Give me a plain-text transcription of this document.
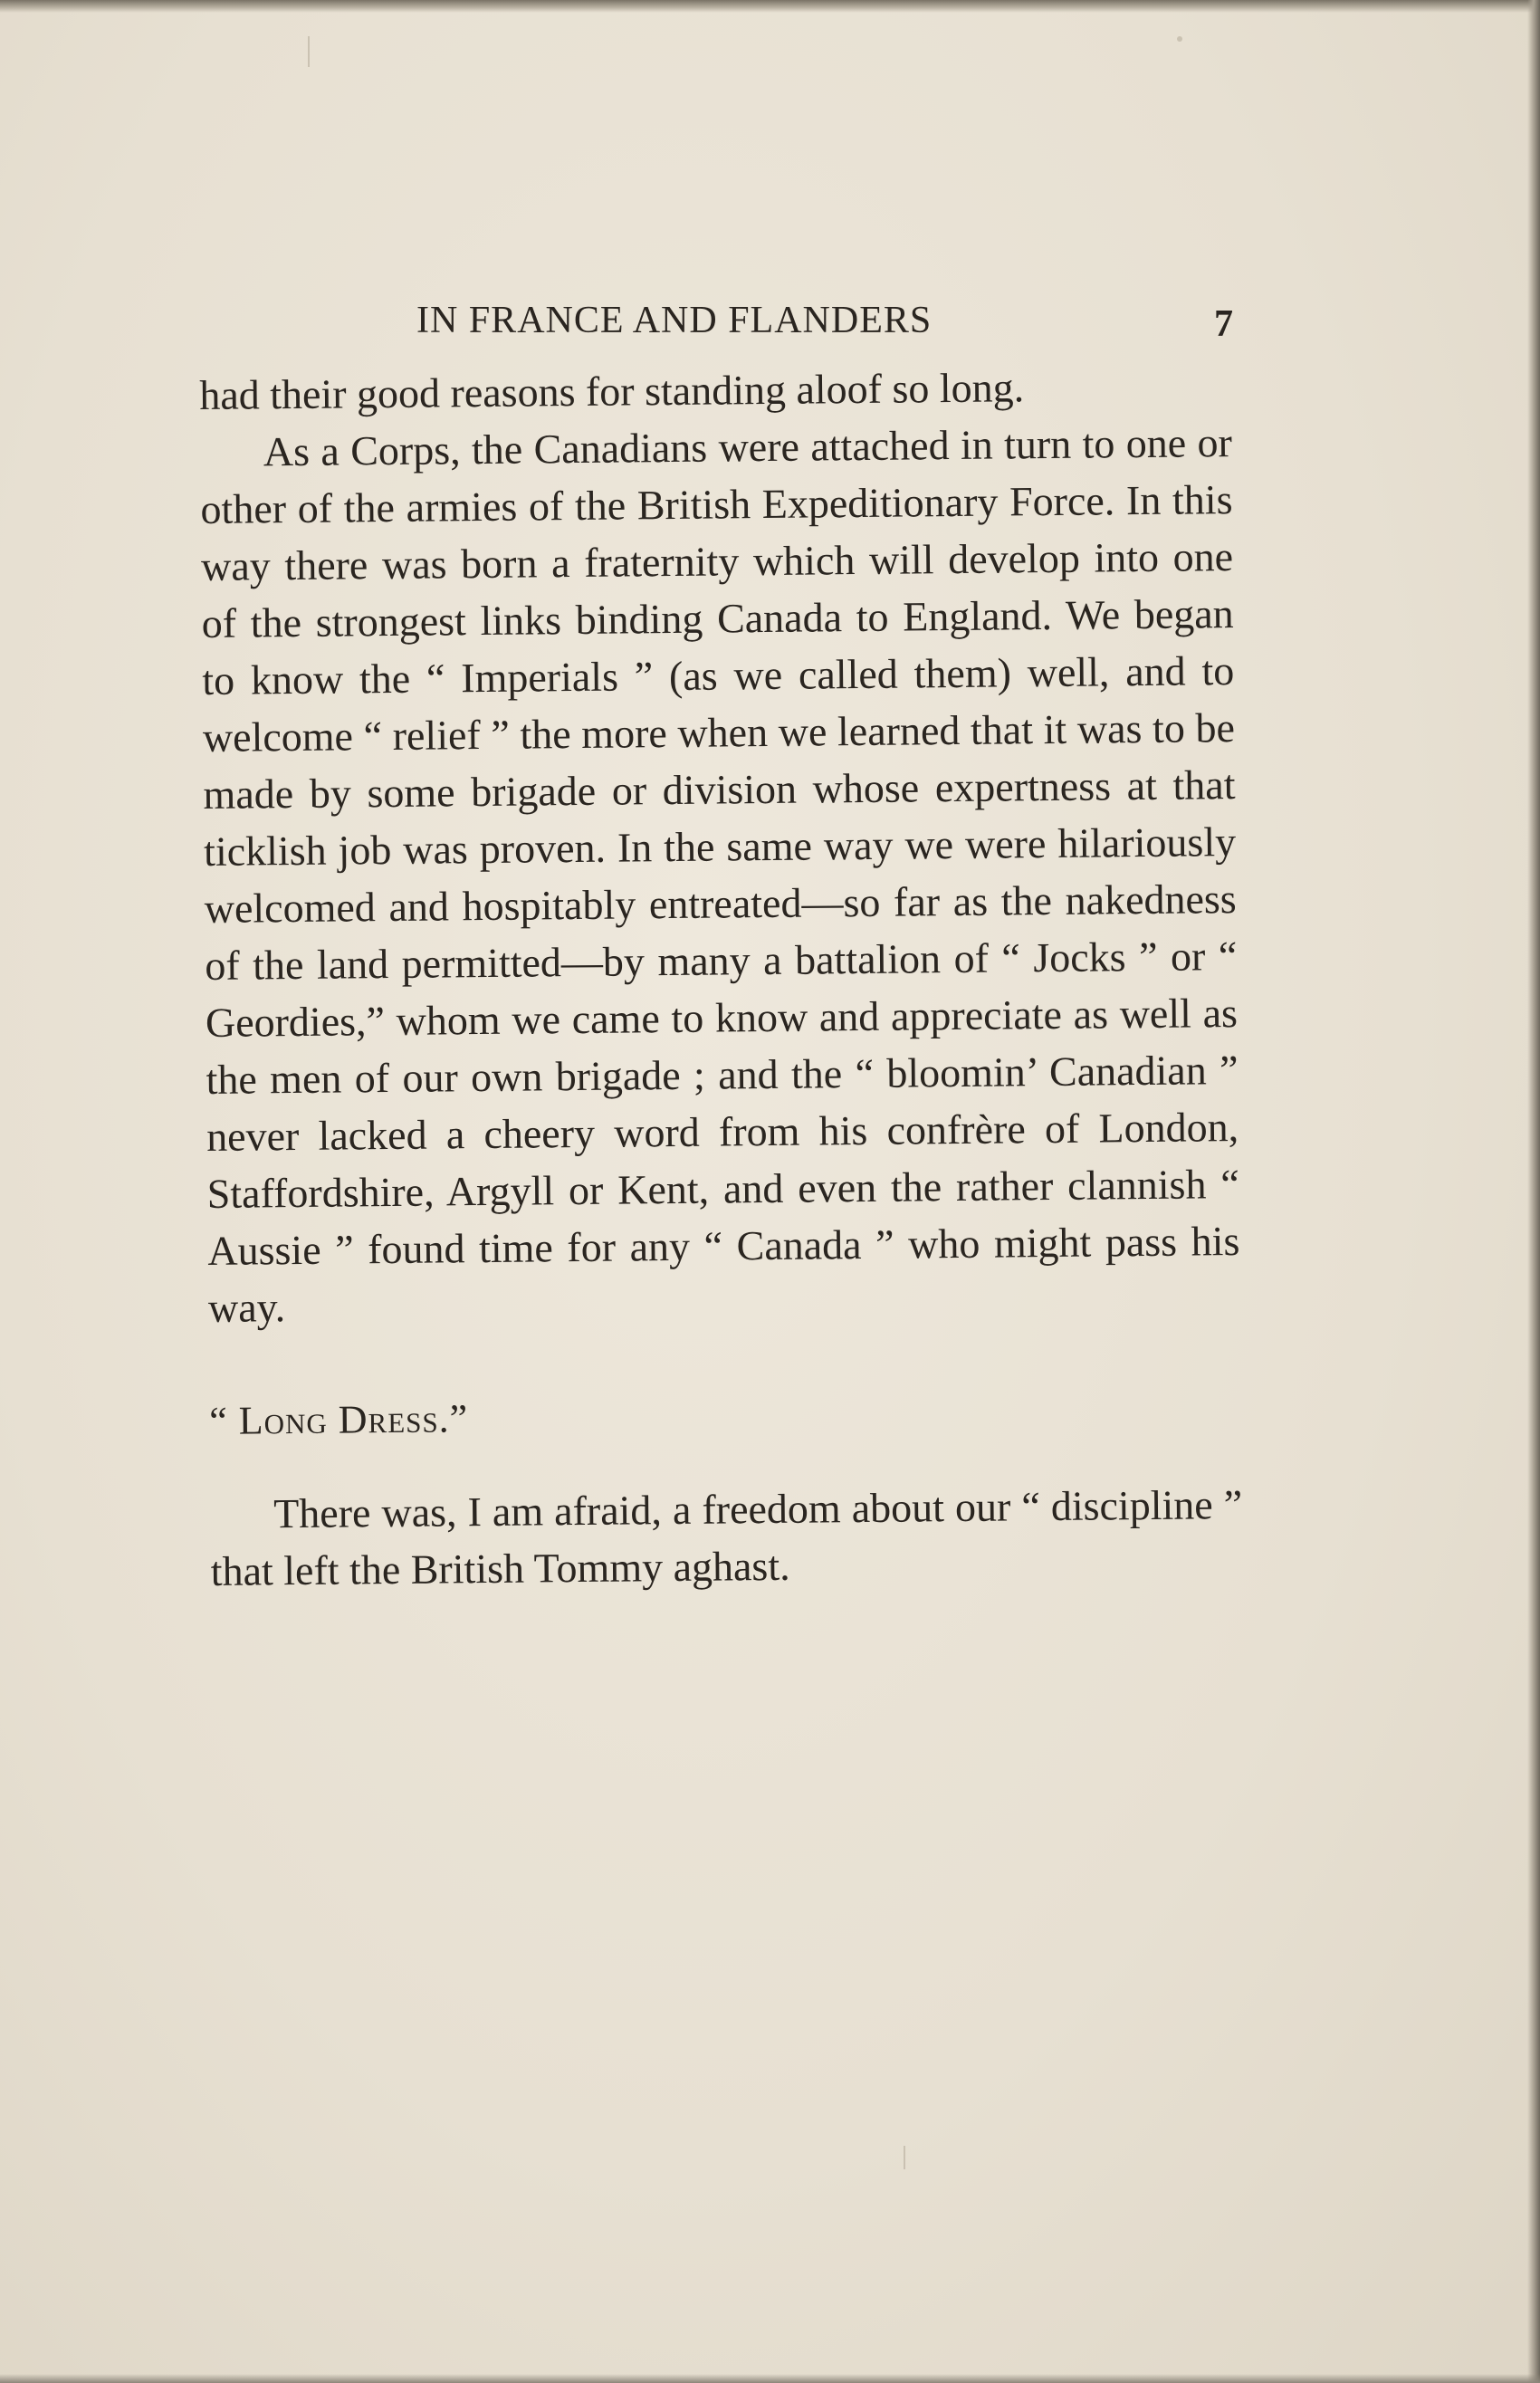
IN FRANCE AND FLANDERS	7

had their good reasons for standing aloof so long.

As a Corps, the Canadians were attached in turn to one or other of the armies of the British Expeditionary Force. In this way there was born a fraternity which will develop into one of the strongest links binding Canada to England. We began to know the “ Imperials ” (as we called them) well, and to welcome “ relief ” the more when we learned that it was to be made by some brigade or division whose expertness at that ticklish job was proven. In the same way we were hilariously welcomed and hospitably entreated—so far as the nakedness of the land permitted—by many a battalion of “ Jocks ” or “ Geordies,” whom we came to know and appreciate as well as the men of our own brigade ; and the “ bloomin’ Canadian ” never lacked a cheery word from his confrère of London, Staffordshire, Argyll or Kent, and even the rather clannish “ Aussie ” found time for any “ Canada ” who might pass his way.

“ Long Dress.”

There was, I am afraid, a freedom about our “ discipline ” that left the British Tommy aghast.
